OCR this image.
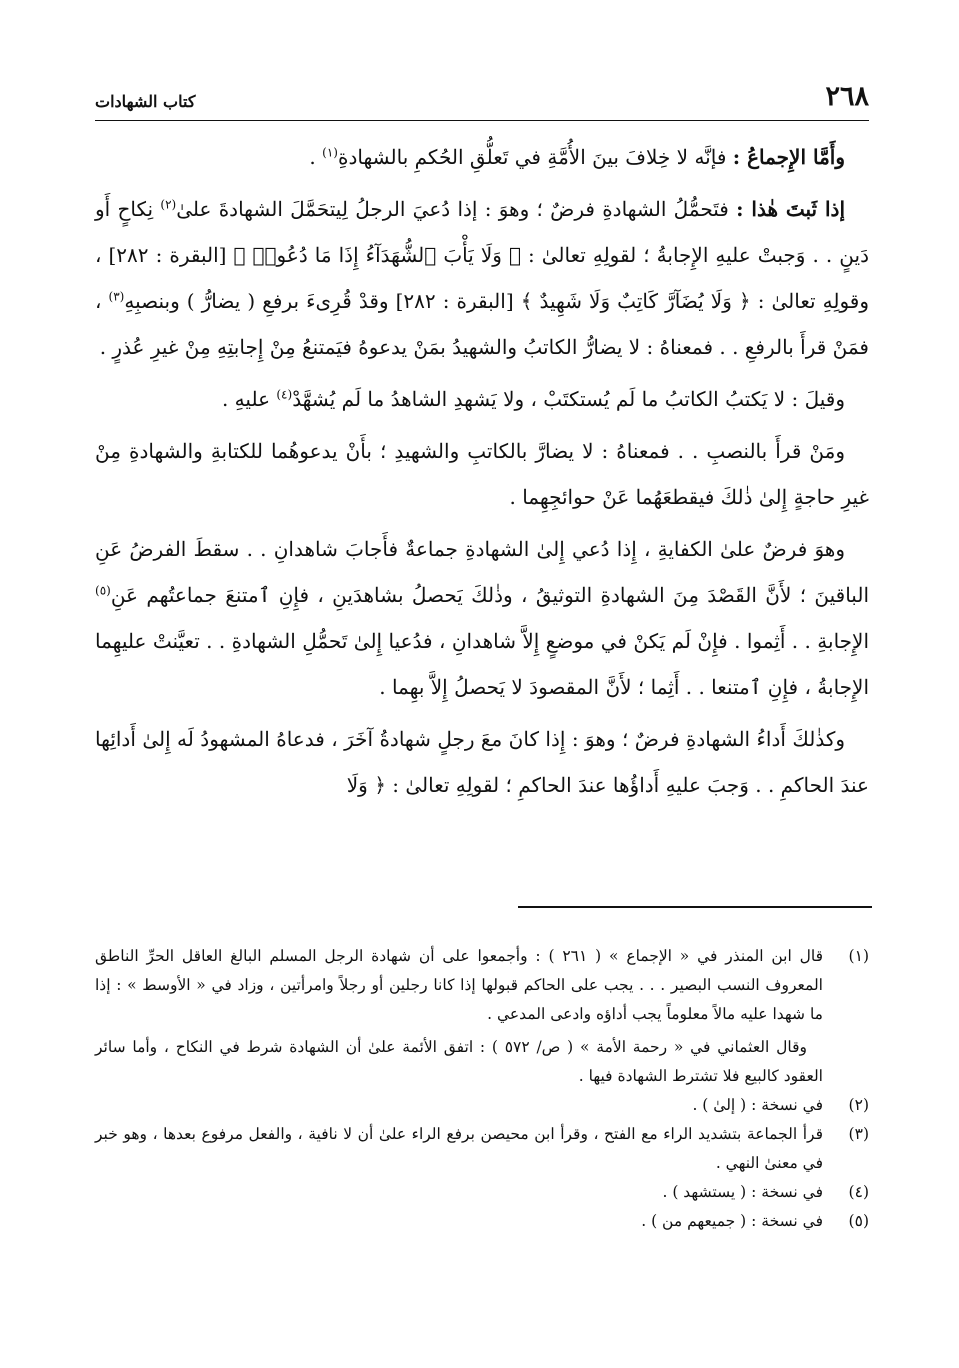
٢٦٨
كتاب الشهادات

وأَمَّا الإِجماعُ : فإنَّه لا خِلافَ بينَ الأُمَّةِ في تَعلُّقِ الحُكمِ بالشهادةِ$^{(١)}$ .

إذا ثَبتَ هٰذا : فتَحمُّلُ الشهادةِ فرضٌ ؛ وهوَ : إذا دُعيَ الرجلُ لِيتحَمَّلَ الشهادةَ علىٰ$^{(٢)}$ نِكاحٍ أَو دَينٍ . . وَجبتْ عليهِ الإِجابةُ ؛ لقولِهِ تعالىٰ : ﴿ وَلَا يَأْبَ ٱلشُّهَدَآءُ إِذَا مَا دُعُوا۟ ﴾ [البقرة : ٢٨٢] ، وقولِهِ تعالىٰ : ﴿ وَلَا يُضَآرَّ كَاتِبٌ وَلَا شَهِيدٌ ﴾ [البقرة : ٢٨٢] وقدْ قُرِىءَ برفعِ ( يضارُّ ) وبنصبِهِ$^{(٣)}$ ، فمَنْ قرأَ بالرفعِ . . فمعناهُ : لا يضارُّ الكاتبُ والشهيدُ بمَنْ يدعوهُ فيَمتنعُ مِنْ إِجابتِهِ مِنْ غيرِ عُذرٍ .

وقيلَ : لا يَكتبُ الكاتبُ ما لَم يُستكتَبْ ، ولا يَشهدِ الشاهدُ ما لَم يُشهَّدْ$^{(٤)}$ عليهِ .

ومَنْ قرأَ بالنصبِ . . فمعناهُ : لا يضارَّ بالكاتبِ والشهيدِ ؛ بأَنْ يدعوهُما للكتابةِ والشهادةِ مِنْ غيرِ حاجةٍ إِلىٰ ذٰلكَ فيقطعَهُما عَنْ حوائجِهِما .

وهوَ فرضٌ علىٰ الكفايةِ ، إِذا دُعي إِلىٰ الشهادةِ جماعةٌ فأَجابَ شاهدانِ . . سقطَ الفرضُ عَنِ الباقينَ ؛ لأَنَّ القَصْدَ مِنَ الشهادةِ التوثيقُ ، وذٰلكَ يَحصلُ بشاهدَينِ ، فإِنِ ٱمتنعَ جماعتُهم عَنِ$^{(٥)}$ الإِجابةِ . . أَثِموا . فإِنْ لَم يَكنْ في موضعٍ إِلاَّ شاهدانِ ، فدُعيا إِلىٰ تَحمُّلِ الشهادةِ . . تعيَّنتْ عليهِما الإِجابةُ ، فإِنِ ٱمتنعا . . أَثِما ؛ لأَنَّ المقصودَ لا يَحصلُ إِلاَّ بهِما .

وكذٰلكَ أَداءُ الشهادةِ فرضٌ ؛ وهوَ : إِذا كانَ معَ رجلٍ شهادةُ آخَرَ ، فدعاهُ المشهودُ لَه إِلىٰ أَدائِها عندَ الحاكمِ . . وَجبَ عليهِ أَداؤُها عندَ الحاكمِ ؛ لقولِهِ تعالىٰ : ﴿ وَلَا

(١)
قال ابن المنذر في « الإجماع » ( ٢٦١ ) : وأجمعوا على أن شهادة الرجل المسلم البالغ العاقل الحرِّ الناطق المعروف النسب البصير . . . يجب على الحاكم قبولها إذا كانا رجلين أو رجلاً وامرأتين ، وزاد في « الأوسط » : إذا ما شهدا عليه مالاً معلوماً يجب أداؤه وادعى المدعي .
وقال العثماني في « رحمة الأمة » ( ص/ ٥٧٢ ) : اتفق الأئمة علىٰ أن الشهادة شرط في النكاح ، وأما سائر العقود كالبيع فلا تشترط الشهادة فيها .
(٢)
في نسخة : ( إلىٰ ) .
(٣)
قرأ الجماعة بتشديد الراء مع الفتح ، وقرأ ابن محيصن برفع الراء علىٰ أن لا نافية ، والفعل مرفوع بعدها ، وهو خبر في معنىٰ النهي .
(٤)
في نسخة : ( يستشهد ) .
(٥)
في نسخة : ( جميعهم من ) .
